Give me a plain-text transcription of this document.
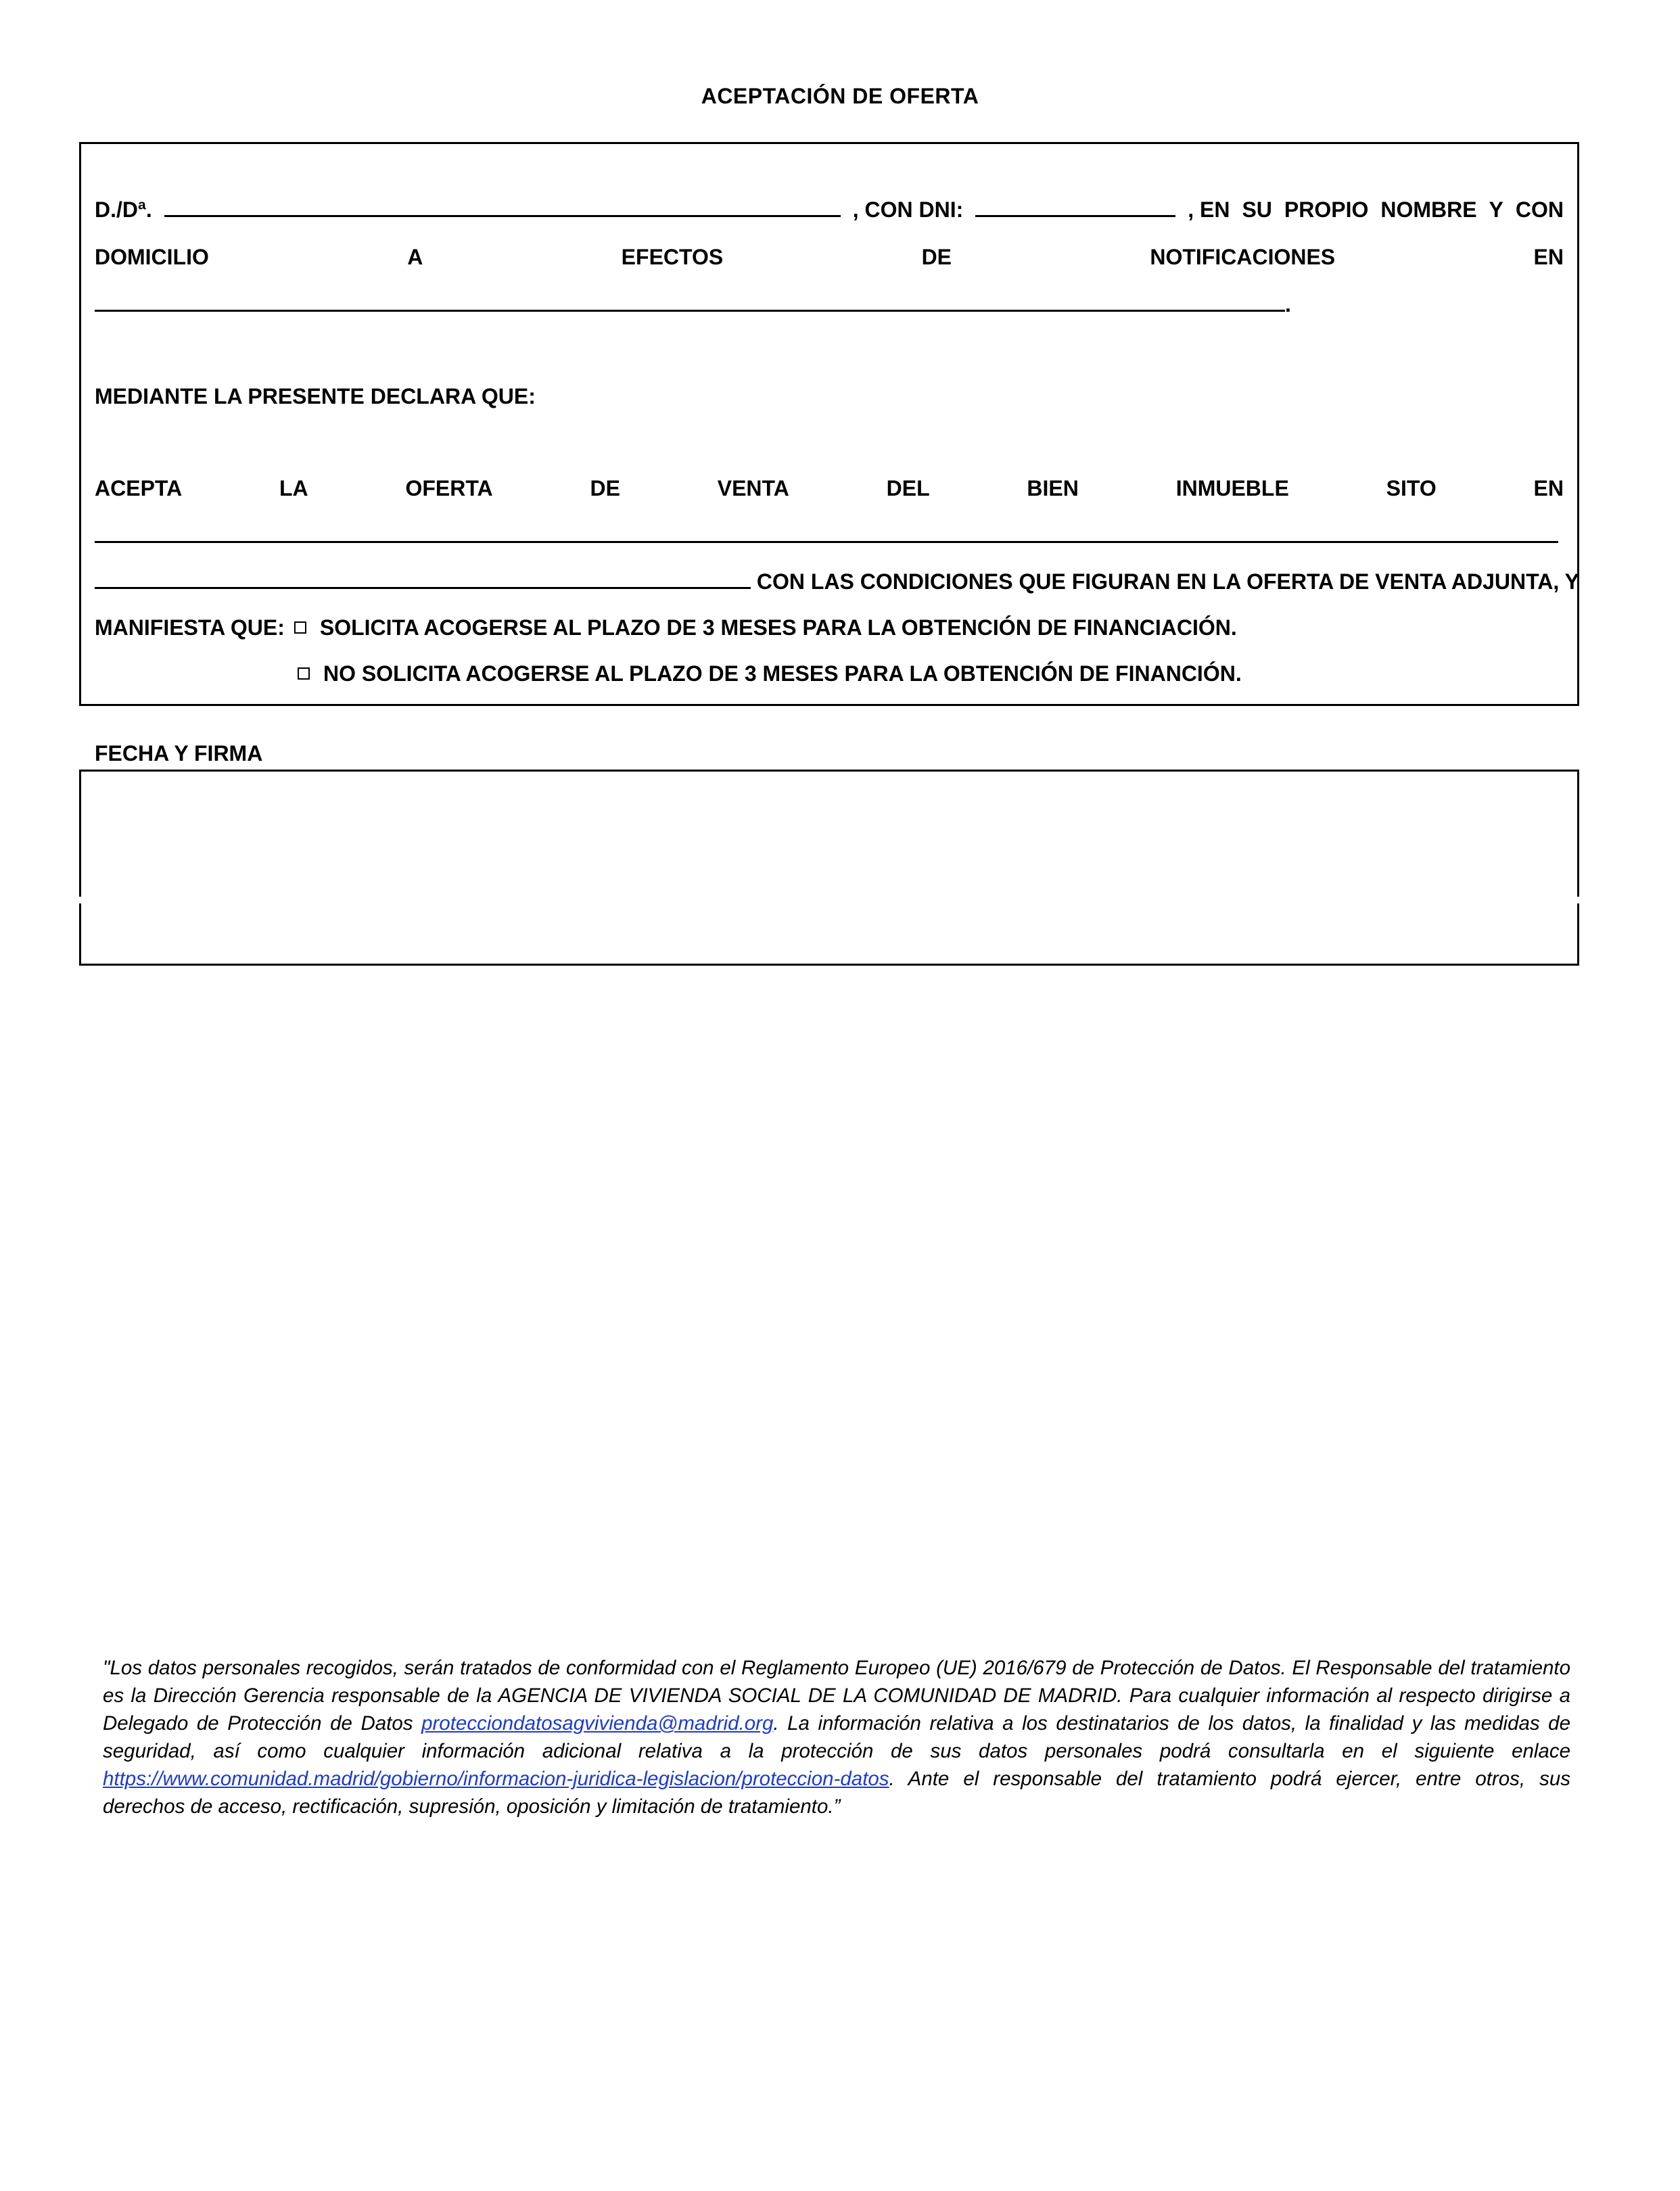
ACEPTACIÓN DE OFERTA
D./Dª.	, CON DNI:	, EN SU PROPIO NOMBRE Y CON
DOMICILIO	A	EFECTOS	DE	NOTIFICACIONES	EN
.
MEDIANTE LA PRESENTE DECLARA QUE:
ACEPTA	LA	OFERTA	DE	VENTA	DEL	BIEN	INMUEBLE	SITO	EN
CON LAS CONDICIONES QUE FIGURAN EN LA OFERTA DE VENTA ADJUNTA, Y
MANIFIESTA QUE: SOLICITA ACOGERSE AL PLAZO DE 3 MESES PARA LA OBTENCIÓN DE FINANCIACIÓN.
NO SOLICITA ACOGERSE AL PLAZO DE 3 MESES PARA LA OBTENCIÓN DE FINANCIÓN.
FECHA Y FIRMA
"Los datos personales recogidos, serán tratados de conformidad con el Reglamento Europeo (UE) 2016/679 de Protección de Datos. El Responsable del tratamiento es la Dirección Gerencia responsable de la AGENCIA DE VIVIENDA SOCIAL DE LA COMUNIDAD DE MADRID. Para cualquier información al respecto dirigirse a Delegado de Protección de Datos protecciondatosagvivienda@madrid.org. La información relativa a los destinatarios de los datos, la finalidad y las medidas de seguridad, así como cualquier información adicional relativa a la protección de sus datos personales podrá consultarla en el siguiente enlace https://www.comunidad.madrid/gobierno/informacion-juridica-legislacion/proteccion-datos. Ante el responsable del tratamiento podrá ejercer, entre otros, sus derechos de acceso, rectificación, supresión, oposición y limitación de tratamiento.”
